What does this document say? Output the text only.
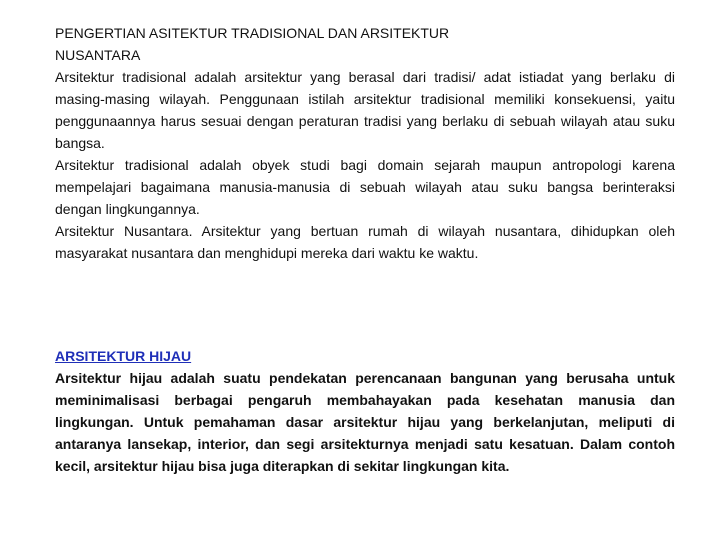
PENGERTIAN ASITEKTUR TRADISIONAL DAN ARSITEKTUR
NUSANTARA

Arsitektur tradisional adalah arsitektur yang berasal dari tradisi/ adat istiadat yang berlaku di masing-masing wilayah. Penggunaan istilah arsitektur tradisional memiliki konsekuensi, yaitu penggunaannya harus sesuai dengan peraturan tradisi yang berlaku di sebuah wilayah atau suku bangsa.

Arsitektur tradisional adalah obyek studi bagi domain sejarah maupun antropologi karena mempelajari bagaimana manusia-manusia di sebuah wilayah atau suku bangsa berinteraksi dengan lingkungannya.

Arsitektur Nusantara. Arsitektur yang bertuan rumah di wilayah nusantara, dihidupkan oleh masyarakat nusantara dan menghidupi mereka dari waktu ke waktu.

ARSITEKTUR HIJAU

Arsitektur hijau adalah suatu pendekatan perencanaan bangunan yang berusaha untuk meminimalisasi berbagai pengaruh membahayakan pada kesehatan manusia dan lingkungan. Untuk pemahaman dasar arsitektur hijau yang berkelanjutan, meliputi di antaranya lansekap, interior, dan segi arsitekturnya menjadi satu kesatuan. Dalam contoh kecil, arsitektur hijau bisa juga diterapkan di sekitar lingkungan kita.
